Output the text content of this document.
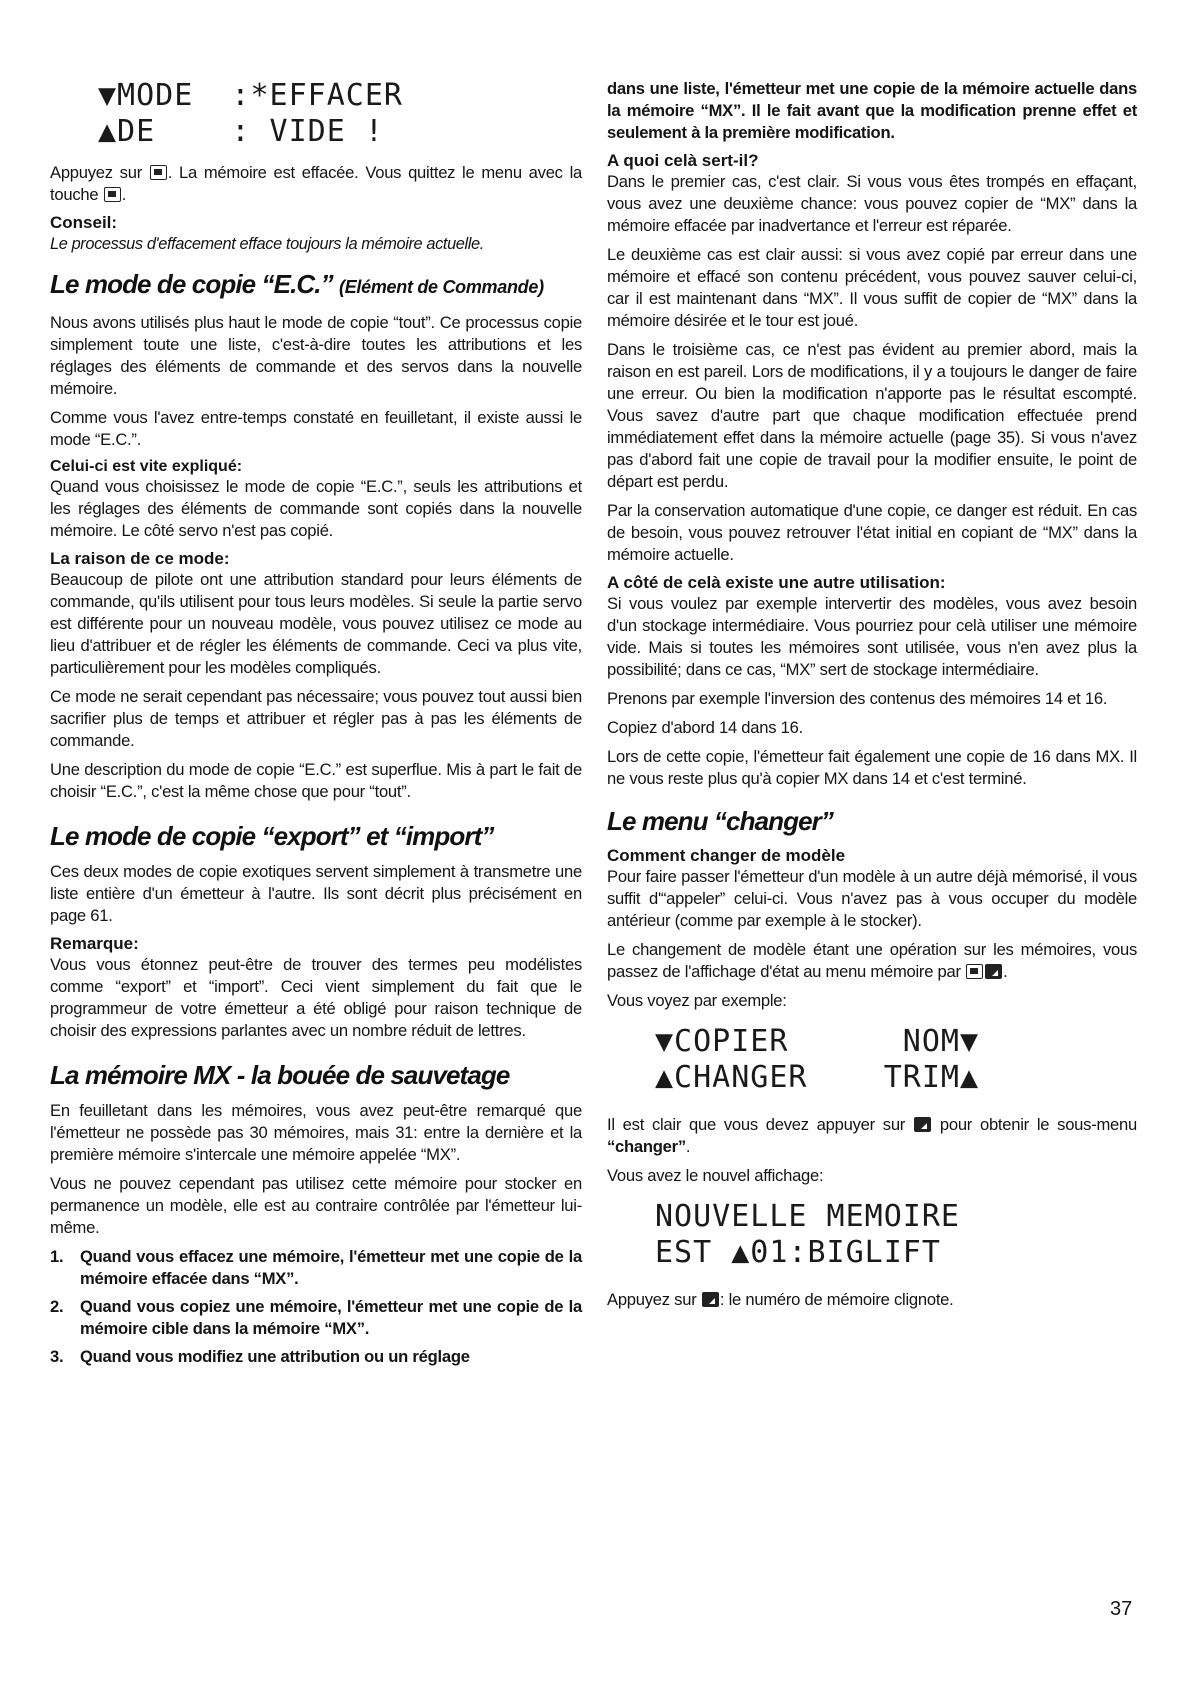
▼MODE  :*EFFACER
▲DE    : VIDE !

Appuyez sur . La mémoire est effacée. Vous quittez le menu avec la touche .

Conseil:

Le processus d'effacement efface toujours la mémoire actuelle.

Le mode de copie “E.C.” (Elément de Commande)

Nous avons utilisés plus haut le mode de copie “tout”. Ce processus copie simplement toute une liste, c'est-à-dire toutes les attributions et les réglages des éléments de commande et des servos dans la nouvelle mémoire.

Comme vous l'avez entre-temps constaté en feuilletant, il existe aussi le mode “E.C.”.

Celui-ci est vite expliqué:

Quand vous choisissez le mode de copie “E.C.”, seuls les attributions et les réglages des éléments de commande sont copiés dans la nouvelle mémoire. Le côté servo n'est pas copié.

La raison de ce mode:

Beaucoup de pilote ont une attribution standard pour leurs éléments de commande, qu'ils utilisent pour tous leurs modèles. Si seule la partie servo est différente pour un nouveau modèle, vous pouvez utilisez ce mode au lieu d'attribuer et de régler les éléments de commande. Ceci va plus vite, particulièrement pour les modèles compliqués.

Ce mode ne serait cependant pas nécessaire; vous pouvez tout aussi bien sacrifier plus de temps et attribuer et régler pas à pas les éléments de commande.

Une description du mode de copie “E.C.” est superflue. Mis à part le fait de choisir “E.C.”, c'est la même chose que pour “tout”.

Le mode de copie “export” et “import”

Ces deux modes de copie exotiques servent simplement à transmetre une liste entière d'un émetteur à l'autre. Ils sont décrit plus précisément en page 61.

Remarque:

Vous vous étonnez peut-être de trouver des termes peu modélistes comme “export” et “import”. Ceci vient simplement du fait que le programmeur de votre émetteur a été obligé pour raison technique de choisir des expressions parlantes avec un nombre réduit de lettres.

La mémoire MX - la bouée de sauvetage

En feuilletant dans les mémoires, vous avez peut-être remarqué que l'émetteur ne possède pas 30 mémoires, mais 31: entre la dernière et la première mémoire s'intercale une mémoire appelée “MX”.

Vous ne pouvez cependant pas utilisez cette mémoire pour stocker en permanence un modèle, elle est au contraire contrôlée par l'émetteur lui-même.

1. Quand vous effacez une mémoire, l'émetteur met une copie de la mémoire effacée dans “MX”.
2. Quand vous copiez une mémoire, l'émetteur met une copie de la mémoire cible dans la mémoire “MX”.
3. Quand vous modifiez une attribution ou un réglage

dans une liste, l'émetteur met une copie de la mémoire actuelle dans la mémoire “MX”. Il le fait avant que la modification prenne effet et seulement à la première modification.

A quoi celà sert-il?

Dans le premier cas, c'est clair. Si vous vous êtes trompés en effaçant, vous avez une deuxième chance: vous pouvez copier de “MX” dans la mémoire effacée par inadvertance et l'erreur est réparée.

Le deuxième cas est clair aussi: si vous avez copié par erreur dans une mémoire et effacé son contenu précédent, vous pouvez sauver celui-ci, car il est maintenant dans “MX”. Il vous suffit de copier de “MX” dans la mémoire désirée et le tour est joué.

Dans le troisième cas, ce n'est pas évident au premier abord, mais la raison en est pareil. Lors de modifications, il y a toujours le danger de faire une erreur. Ou bien la modification n'apporte pas le résultat escompté. Vous savez d'autre part que chaque modification effectuée prend immédiatement effet dans la mémoire actuelle (page 35). Si vous n'avez pas d'abord fait une copie de travail pour la modifier ensuite, le point de départ est perdu.

Par la conservation automatique d'une copie, ce danger est réduit. En cas de besoin, vous pouvez retrouver l'état initial en copiant de “MX” dans la mémoire actuelle.

A côté de celà existe une autre utilisation:

Si vous voulez par exemple intervertir des modèles, vous avez besoin d'un stockage intermédiaire. Vous pourriez pour celà utiliser une mémoire vide. Mais si toutes les mémoires sont utilisée, vous n'en avez plus la possibilité; dans ce cas, “MX” sert de stockage intermédiaire.

Prenons par exemple l'inversion des contenus des mémoires 14 et 16.

Copiez d'abord 14 dans 16.

Lors de cette copie, l'émetteur fait également une copie de 16 dans MX. Il ne vous reste plus qu'à copier MX dans 14 et c'est terminé.

Le menu “changer”
Comment changer de modèle

Pour faire passer l'émetteur d'un modèle à un autre déjà mémorisé, il vous suffit d'“appeler” celui-ci. Vous n'avez pas à vous occuper du modèle antérieur (comme par exemple à le stocker).

Le changement de modèle étant une opération sur les mémoires, vous passez de l'affichage d'état au menu mémoire par	.

Vous voyez par exemple:

▼COPIER      NOM▼
▲CHANGER    TRIM▲

Il est clair que vous devez appuyer sur pour obtenir le sous-menu “changer”.

Vous avez le nouvel affichage:

NOUVELLE MEMOIRE
EST ▲01:BIGLIFT

Appuyez sur : le numéro de mémoire clignote.

37
